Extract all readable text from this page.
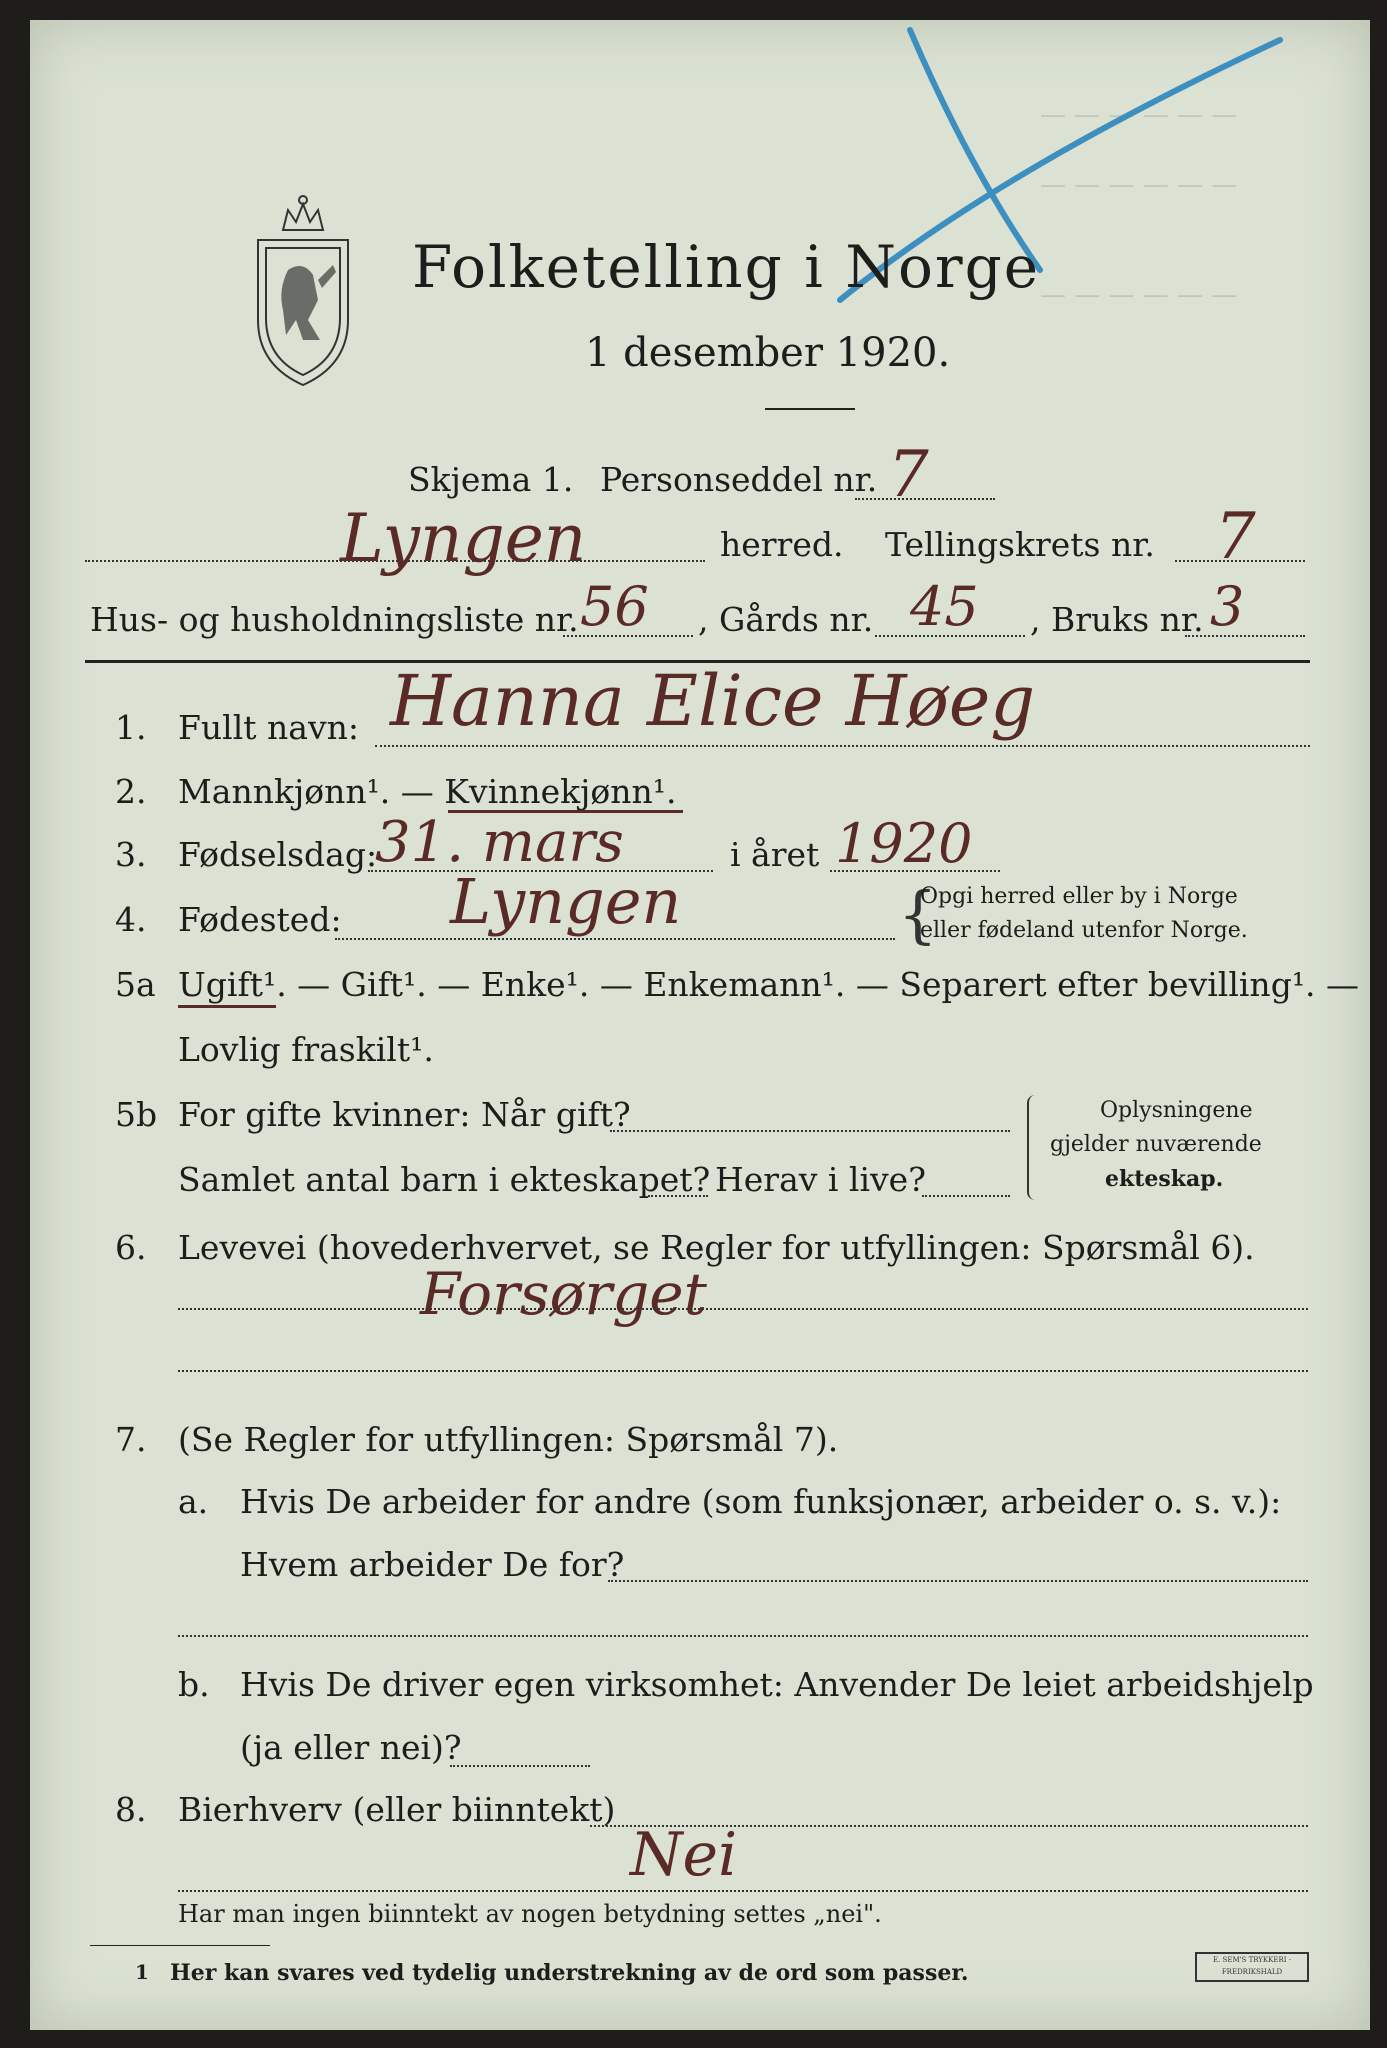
— — — — — —
— — — — — —
— — — — — —
Folketelling i Norge
1 desember 1920.
Skjema 1. Personseddel nr. 7
Lyngen	herred. Tellingskrets nr. 7
Hus- og husholdningsliste nr. 56 , Gårds nr. 45 , Bruks nr. 3
1. Fullt navn: Hanna Elice Høeg
2. Mannkjønn¹. — Kvinnekjønn¹.
3. Fødselsdag:
31. mars	i året 1920
4. Fødested: Lyngen	{
Opgi herred eller by i Norge
eller fødeland utenfor Norge.
5a Ugift¹. — Gift¹. — Enke¹. — Enkemann¹. — Separert efter bevilling¹. —
Lovlig fraskilt¹.
5b For gifte kvinner: Når gift?
Samlet antal barn i ekteskapet? Herav i live?
Oplysningene
gjelder nuværende
ekteskap.
6. Levevei (hovederhvervet, se Regler for utfyllingen: Spørsmål 6).
Forsørget
7. (Se Regler for utfyllingen: Spørsmål 7).
a. Hvis De arbeider for andre (som funksjonær, arbeider o. s. v.):
Hvem arbeider De for?
b. Hvis De driver egen virksomhet: Anvender De leiet arbeidshjelp
(ja eller nei)?
8. Bierhverv (eller biinntekt)
Nei
Har man ingen biinntekt av nogen betydning settes „nei".
1 Her kan svares ved tydelig understrekning av de ord som passer.	E. SEM'S TRYKKERI · FREDRIKSHALD
